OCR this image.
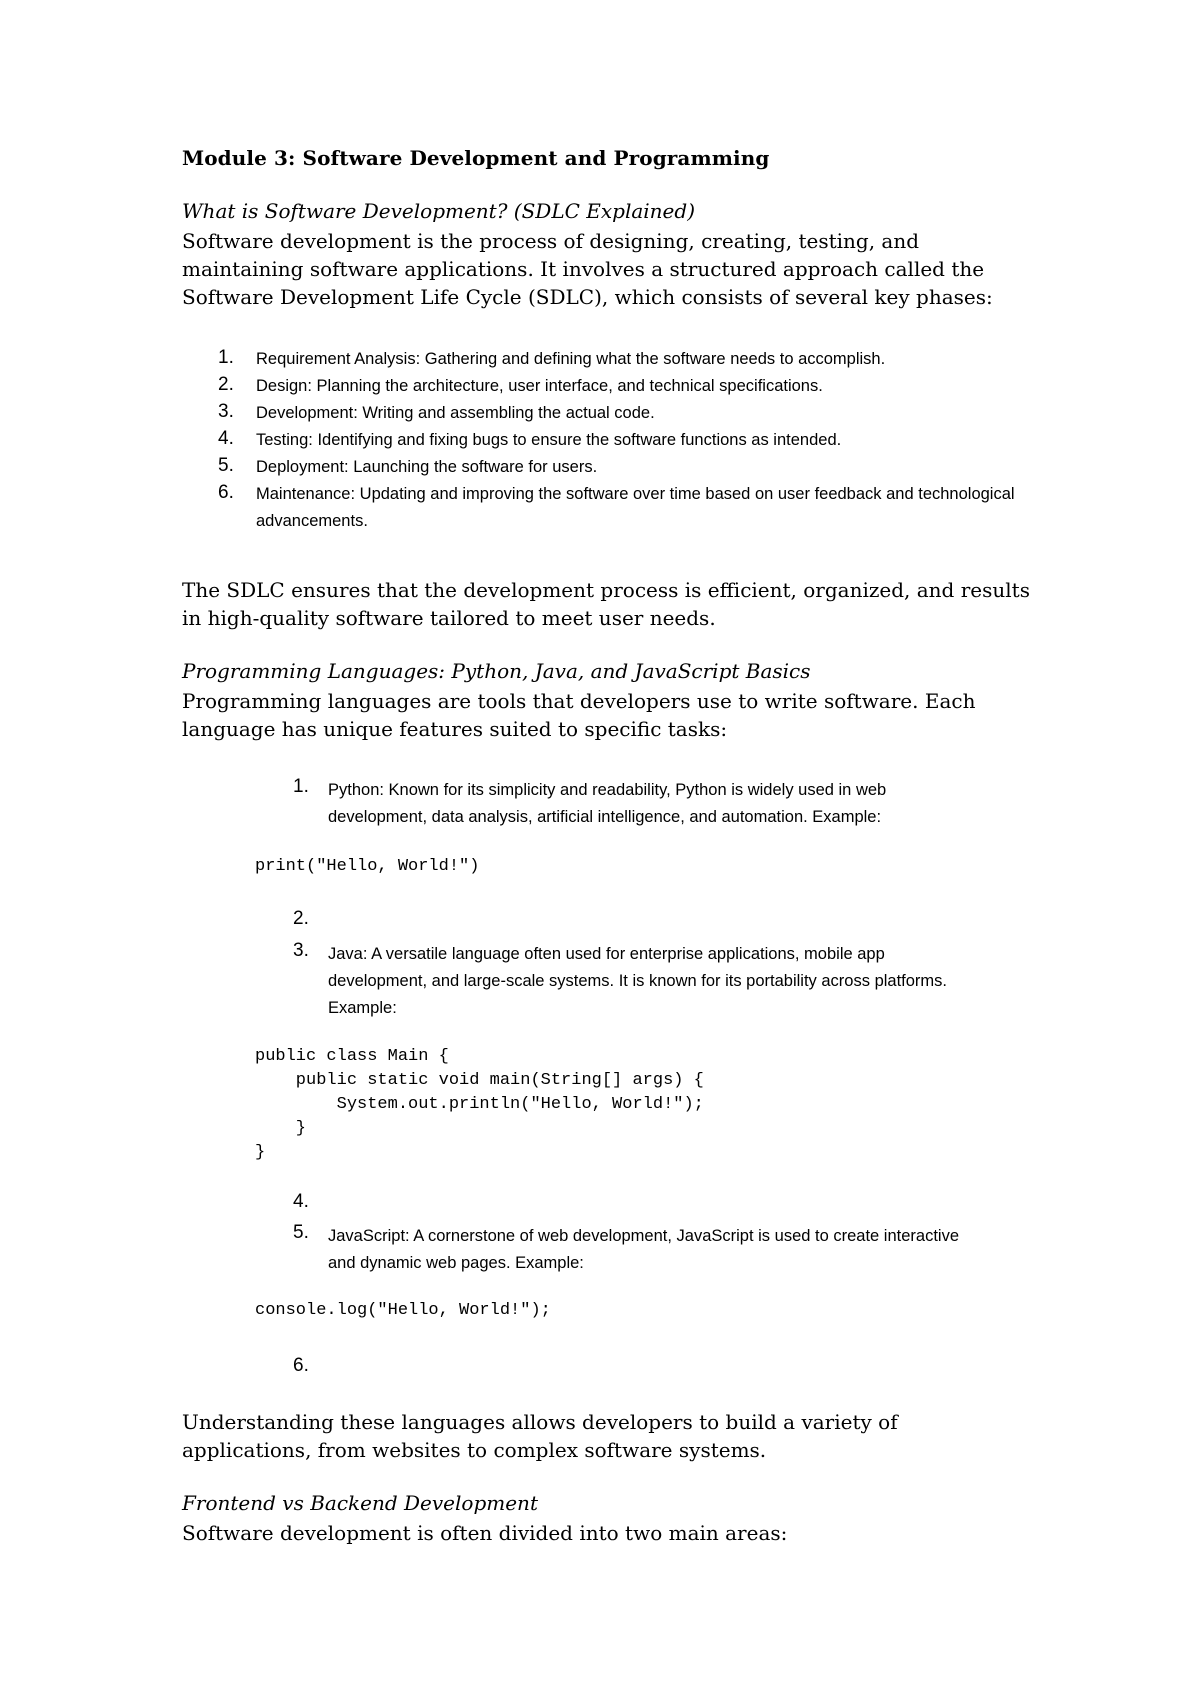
Module 3: Software Development and Programming
What is Software Development? (SDLC Explained)
Software development is the process of designing, creating, testing, and maintaining software applications. It involves a structured approach called the Software Development Life Cycle (SDLC), which consists of several key phases:
1. Requirement Analysis: Gathering and defining what the software needs to accomplish.
2. Design: Planning the architecture, user interface, and technical specifications.
3. Development: Writing and assembling the actual code.
4. Testing: Identifying and fixing bugs to ensure the software functions as intended.
5. Deployment: Launching the software for users.
6. Maintenance: Updating and improving the software over time based on user feedback and technological advancements.
The SDLC ensures that the development process is efficient, organized, and results in high-quality software tailored to meet user needs.
Programming Languages: Python, Java, and JavaScript Basics
Programming languages are tools that developers use to write software. Each language has unique features suited to specific tasks:
1. Python: Known for its simplicity and readability, Python is widely used in web development, data analysis, artificial intelligence, and automation. Example:
print("Hello, World!")
2.
3. Java: A versatile language often used for enterprise applications, mobile app development, and large-scale systems. It is known for its portability across platforms. Example:
public class Main {
public static void main(String[] args) {
System.out.println("Hello, World!");
}
}
4.
5. JavaScript: A cornerstone of web development, JavaScript is used to create interactive and dynamic web pages. Example:
console.log("Hello, World!");
6.
Understanding these languages allows developers to build a variety of applications, from websites to complex software systems.
Frontend vs Backend Development
Software development is often divided into two main areas:
